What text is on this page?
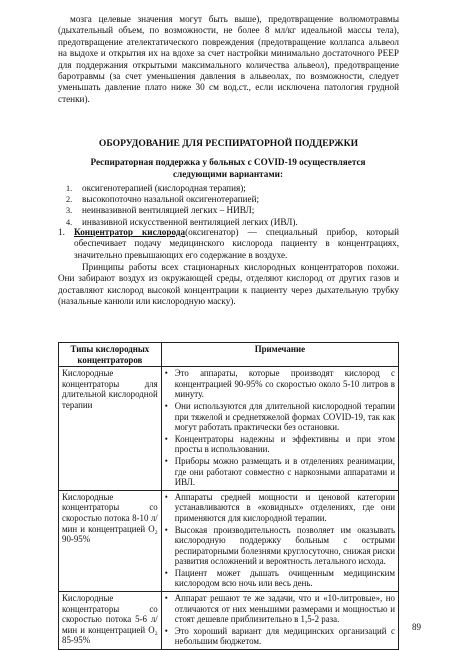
мозга целевые значения могут быть выше), предотвращение волюмотравмы (дыхательный объем, по возможности, не более 8 мл/кг идеальной массы тела), предотвращение ателектатического повреждения (предотвращение коллапса альвеол на выдохе и открытия их на вдохе за счет настройки минимально достаточного PEEP для поддержания открытыми максимального количества альвеол), предотвращение баротравмы (за счет уменьшения давления в альвеолах, по возможности, следует уменьшать давление плато ниже 30 см вод.ст., если исключена патология грудной стенки).
ОБОРУДОВАНИЕ ДЛЯ РЕСПИРАТОРНОЙ ПОДДЕРЖКИ
Респираторная поддержка у больных с COVID-19 осуществляется следующими вариантами:
1. оксигенотерапией (кислородная терапия);
2. высокопоточно назальной оксигенотерапией;
3. неинвазивной вентиляцией легких – НИВЛ;
4. инвазивной искусственной вентиляцией легких (ИВЛ).
1. Концентратор кислорода(оксигенатор) — специальный прибор, который обеспечивает подачу медицинского кислорода пациенту в концентрациях, значительно превышающих его содержание в воздухе.
Принципы работы всех стационарных кислородных концентраторов похожи. Они забирают воздух из окружающей среды, отделяют кислород от других газов и доставляют кислород высокой концентрации к пациенту через дыхательную трубку (назальные канюли или кислородную маску).
Типы кислородных концентраторов	Примечание
Кислородные концентраторы для длительной кислородной терапии	• Это аппараты, которые производят кислород с концентрацией 90-95% со скоростью около 5-10 литров в минуту.
• Они используются для длительной кислородной терапии при тяжелой и среднетяжелой формах COVID-19, так как могут работать практически без остановки.
• Концентраторы надежны и эффективны и при этом просты в использовании.
• Приборы можно размещать и в отделениях реанимации, где они работают совместно с наркозными аппаратами и ИВЛ.

Кислородные концентраторы со скоростью потока 8-10 л/мин и концентрацией O₂ 90-95%	• Аппараты средней мощности и ценовой категории устанавливаются в «ковидных» отделениях, где они применяются для кислородной терапии.
• Высокая производительность позволяет им оказывать кислородную поддержку больным с острыми респираторными болезнями круглосуточно, снижая риски развития осложнений и вероятность летального исхода.
• Пациент может дышать очищенным медицинским кислородом всю ночь или весь день.

Кислородные концентраторы со скоростью потока 5-6 л/мин и концентрацией O₂ 85-95%	• Аппарат решают те же задачи, что и «10-литровые», но отличаются от них меньшими размерами и мощностью и стоят дешевле приблизительно в 1,5-2 раза.
• Это хороший вариант для медицинских организаций с небольшим бюджетом.
89
